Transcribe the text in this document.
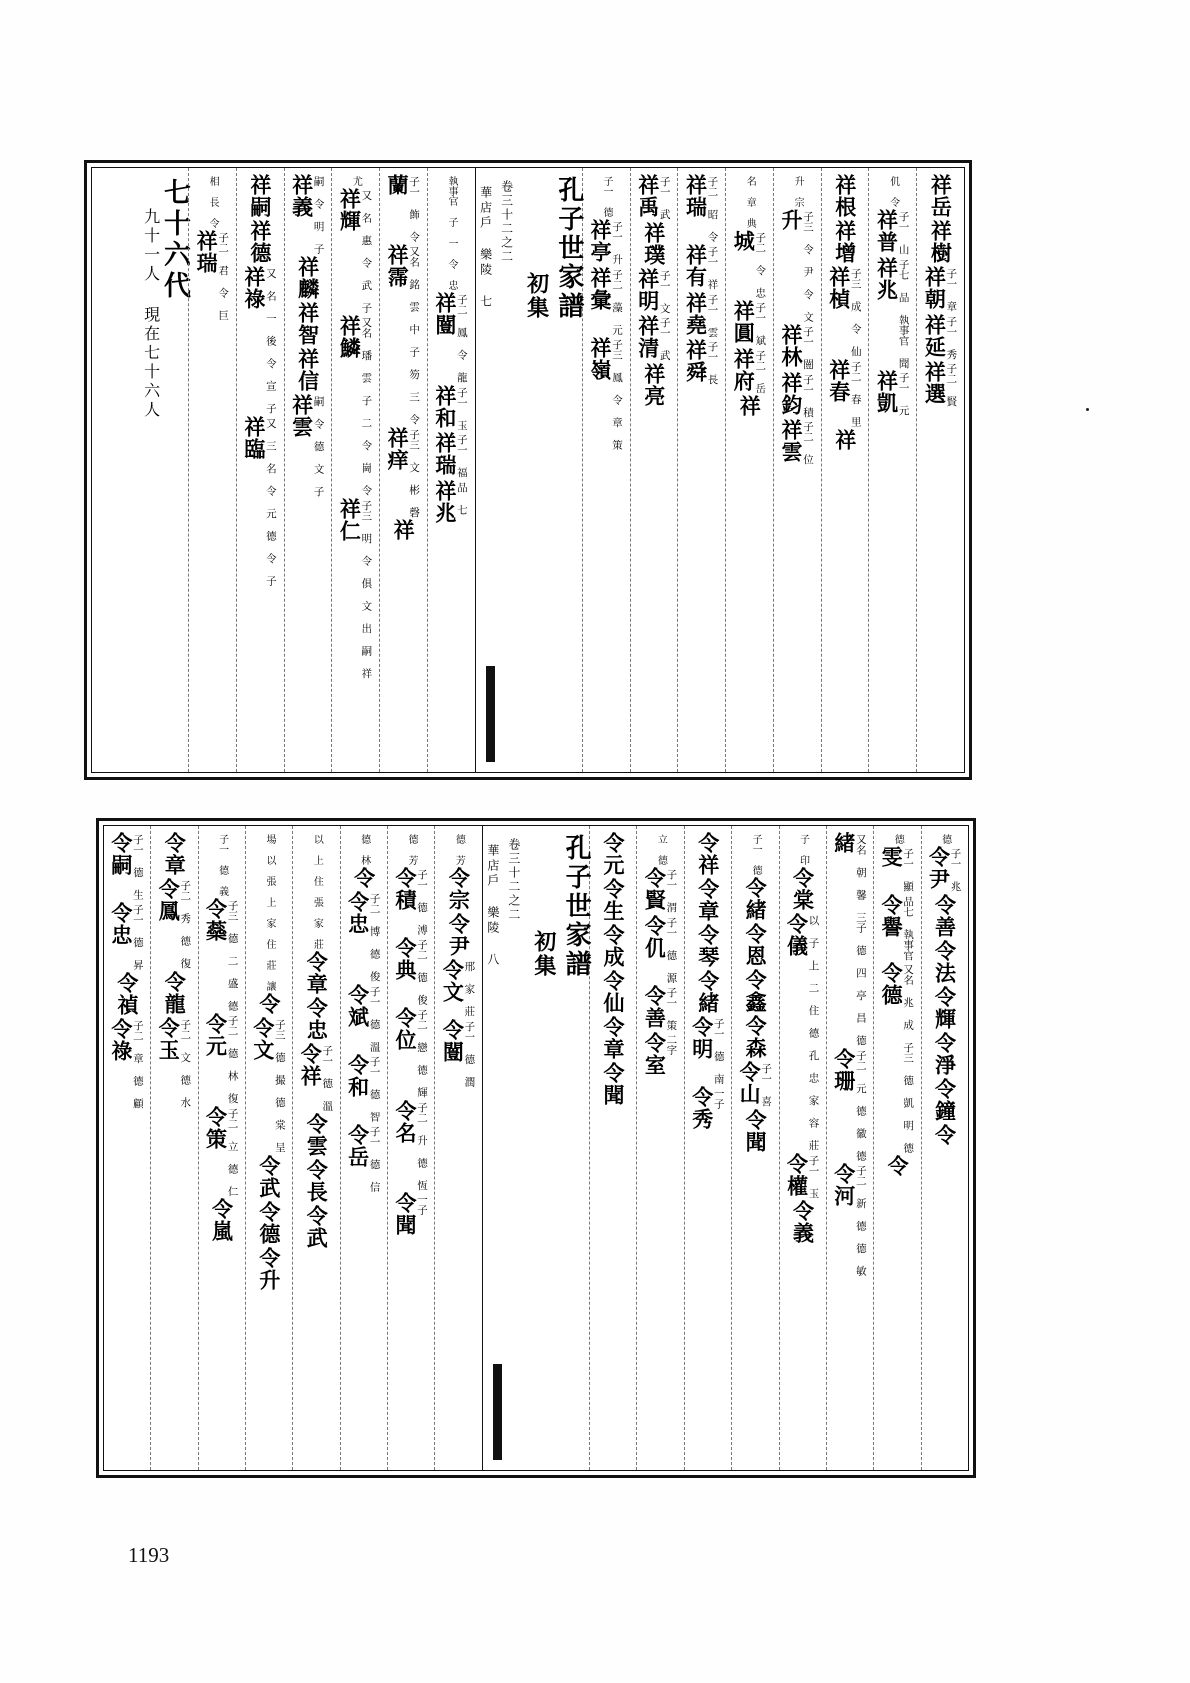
祥岳
祥樹
祥朝
子一 章
祥延
子一 秀
祥選
子二 賢
仉 令
祥普
子一 山
祥兆
子七 品 執事官 聞
祥凱
子一 元
祥根
祥增
祥楨
子三 成 令 仙
祥春
子二 春 里
祥
升 宗
升
子三 令 尹 令 文
祥林
子一 闓
祥鈞
子一 積
祥雲
子二 位
名 章 典
城
子二 令 忠
祥圓
子一 斌
祥府
子二 岳
祥
祥瑞
子二 昭 令
祥有
子一 祥
祥堯
子一 雲
祥舜
子一 長
祥禹
子一 武
祥璞
祥明
子一 文
祥清
子一 武
祥亮
子一 德
祥亭
子一 升
祥彙
子二 藻 元
祥嶺
子三 鳳 令 章 策
孔子世家譜
初集
卷三十二之二
華店戶 樂陵 七
執事官 子 一 令 忠
祥闓
子二 鳳 令 龍
祥和
子一 玉
祥瑞
子一 福
祥兆
品 七
蘭
子一 飾 令
祥霈
又名 銘 雲 中 子 笏 三 令
祥痒
子三 文 彬 磬
祥
尤
祥輝
又 名 惠 令 武 子
祥鱗
又名 璠 雲 子 二 令 崗 令
祥仁
子三 明 令 俱 文 出 嗣 祥
祥義
嗣 令 明 子
祥麟
祥智
祥信
祥雲
嗣 令 德 文 子
祥嗣
祥德
祥祿
又 名 一 後 令 宣 子
祥臨
又 三 名 令 元 德 令 子
相 長 令
祥瑞
子二 君 令 巨
七十六代
九十一人 現在七十六人
德
令尹
子一 兆
令善
令法
令輝
令淨
令鐘
令
德
雯
子一 顯
令譽
品七 執事官
令德
又名 兆 成 子三 德 凱 明 德
令
緒
又名 朝 馨 三子 德 四 亭 昌 德
令珊
子二 元 德 徽 德
令河
子二 新 德 德 敏
子 印
令棠
令儀
以 子 上 二 住 德 孔 忠 家 容 莊
令權
子一 玉
令義
子一 德
令緒
令恩
令鑫
令森
令山
子一 喜
令聞
令祥
令章
令琴
令緒
令明
子一 德 南
令秀
一子
立 德
令賢
子一 渭
令仉
子一 德 源
令善
子一 策
令室
二字
令元
令生
令成
令仙
令章
令聞
孔子世家譜
初集
卷三十二之二
華店戶 樂陵 八
德 芳
令宗
令尹
令文
邢 家 莊
令闓
子一 德 潤
德 芳
令積
子一 德 溥
令典
子二 德 俊
令位
子二 戀 德 輝
令名
子二 升 德 恆
令聞
一子
德 林
令
令忠
子二 博 德 俊
令斌
子一 德 溫
令和
子一 德 智
令岳
子一 德 信
以 上 住 張 家 莊
令章
令忠
令祥
子一 德 溫
令雲
令長
令武
場 以 張 上 家 住 莊 讓
令
令文
子三 德 撮 德 棠 呈
令武
令德
令升
子一 德 義
令蘂
子三 德 二 盛 德
令元
子二 德 林 復
令策
子二 立 德 仁
令嵐
令章
令鳳
子二 秀 德 復
令龍
令玉
子二 文 德 水
令嗣
子一 德 生
令忠
子一 德 昇
令禎
令祿
子二 章 德 顧
1193
